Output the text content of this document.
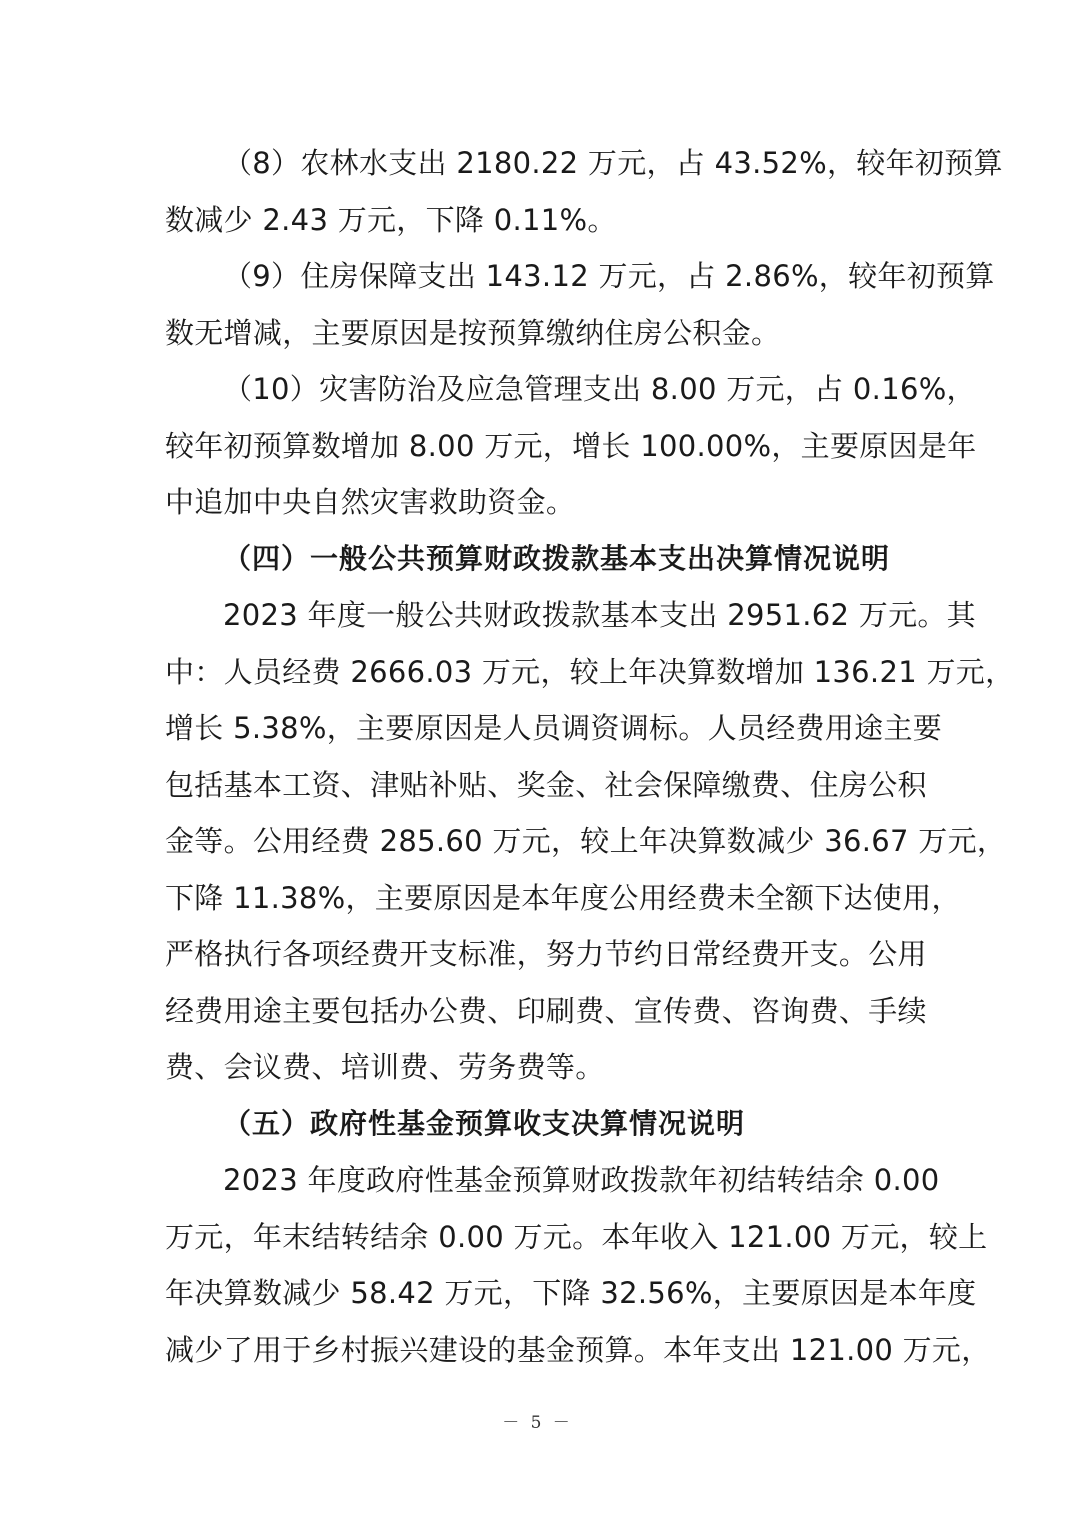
（8）农林水支出 2180.22 万元，占 43.52%，较年初预算
数减少 2.43 万元，下降 0.11%。
（9）住房保障支出 143.12 万元，占 2.86%，较年初预算
数无增减，主要原因是按预算缴纳住房公积金。
（10）灾害防治及应急管理支出 8.00 万元，占 0.16%，
较年初预算数增加 8.00 万元，增长 100.00%，主要原因是年
中追加中央自然灾害救助资金。
（四）一般公共预算财政拨款基本支出决算情况说明
2023 年度一般公共财政拨款基本支出 2951.62 万元。其
中：人员经费 2666.03 万元，较上年决算数增加 136.21 万元，
增长 5.38%，主要原因是人员调资调标。人员经费用途主要
包括基本工资、津贴补贴、奖金、社会保障缴费、住房公积
金等。公用经费 285.60 万元，较上年决算数减少 36.67 万元，
下降 11.38%，主要原因是本年度公用经费未全额下达使用，
严格执行各项经费开支标准，努力节约日常经费开支。公用
经费用途主要包括办公费、印刷费、宣传费、咨询费、手续
费、会议费、培训费、劳务费等。
（五）政府性基金预算收支决算情况说明
2023 年度政府性基金预算财政拨款年初结转结余 0.00
万元，年末结转结余 0.00 万元。本年收入 121.00 万元，较上
年决算数减少 58.42 万元，下降 32.56%，主要原因是本年度
减少了用于乡村振兴建设的基金预算。本年支出 121.00 万元，
－ 5 －
